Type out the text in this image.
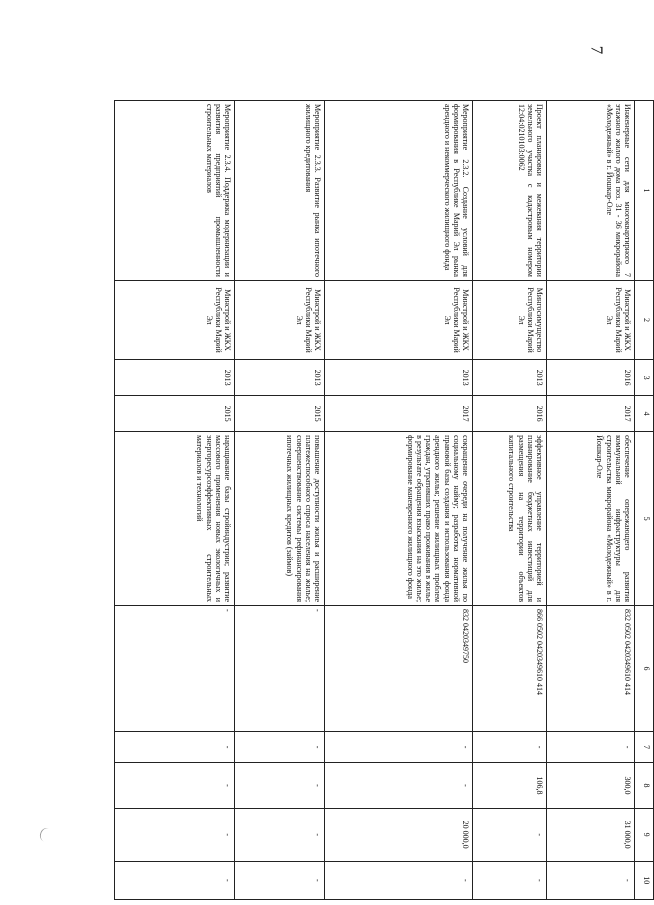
7
1	2	3	4	5	6	7	8	9	10
Инженерные сети для многоквартирного 7 этажного жилого дома поз. 31 - 36 микрорайона «Молодежный» в г. Йошкар-Оле	Минстрой и ЖКХ Республики Марий Эл	2016	2017	обеспечение опережающего развития коммунальной инфраструктуры для строительства микрорайона «Молодежный» в г. Йошкар-Оле	832 0502 0420349610 414	-	300,0	31 000,0	-
Проект планировки и межевания территории земельного участка с кадастровым номером 12:04:0210103:0062	Мингосимущество Республики Марий Эл	2013	2016	эффективное управление территорией и планирование бюджетных инвестиций для размещения на территории объектов капитального строительства	866 0502 0420349610 414	-	106,8	-	-
Мероприятие 2.3.2. Создание условий для формирования в Республике Марий Эл рынка арендного и некоммерческого жилищного фонда	Минстрой и ЖКХ Республики Марий Эл	2013	2017	сокращение очереди на получение жилья по социальному найму; разработка нормативной правовой базы создания и использования фонда арендного жилья; решение жилищных проблем граждан, утративших право проживания в жилье в результате обращения взыскания на это жилье; формирование маневренного жилищного фонда	832 0420349750	-	-	20 000,0	-
Мероприятие 2.3.3. Развитие рынка ипотечного жилищного кредитования	Минстрой и ЖКХ Республики Марий Эл	2013	2015	повышение доступности жилья и расширение платежеспособного спроса населения на жилье; совершенствование системы рефинансирования ипотечных жилищных кредитов (займов)	-	-	-	-	-
Мероприятие 2.3.4. Поддержка модернизации и развития предприятий промышленности строительных материалов	Минстрой и ЖКХ Республики Марий Эл	2013	2015	наращивание базы стройиндустрии; развитие массового применения новых экологичных и энергоресурсоэффективных строительных материалов и технологий	-	-	-	-	-
